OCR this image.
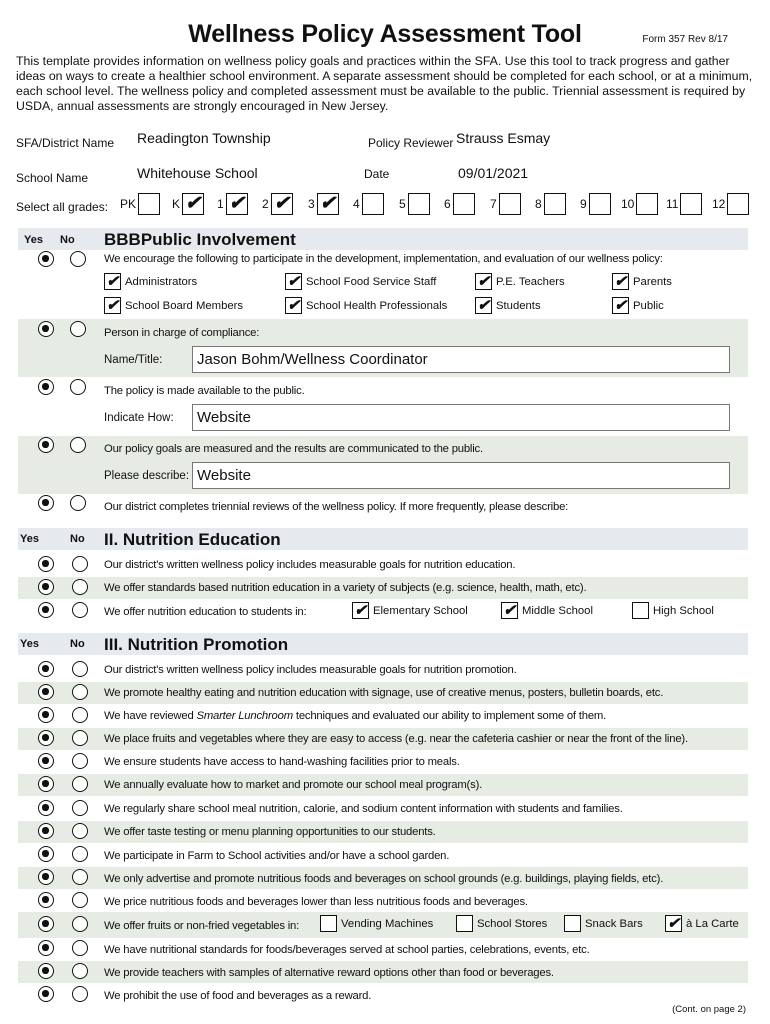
Wellness Policy Assessment Tool	Form 357 Rev 8/17
This template provides information on wellness policy goals and practices within the SFA. Use this tool to track progress and gather ideas on ways to create a healthier school environment. A separate assessment should be completed for each school, or at a minimum, each school level. The wellness policy and completed assessment must be available to the public. Triennial assessment is required by USDA, annual assessments are strongly encouraged in New Jersey.
SFA/District Name Readington Township	Policy Reviewer Strauss Esmay
School Name	Whitehouse School	Date	09/01/2021
Select all grades: PK	K ✔ 1 ✔ 2 ✔ 3 ✔ 4	5	6	7	8	9	10	11	12
Yes No BBBPublic Involvement
We encourage the following to participate in the development, implementation, and evaluation of our wellness policy:
✔ Administrators	✔ School Food Service Staff	✔ P.E. Teachers	✔ Parents
✔ School Board Members	✔ School Health Professionals ✔ Students	✔ Public
Person in charge of compliance:
Name/Title:	Jason Bohm/Wellness Coordinator
The policy is made available to the public.
Indicate How:	Website
Our policy goals are measured and the results are communicated to the public.
Please describe: Website
Our district completes triennial reviews of the wellness policy. If more frequently, please describe:
Yes	No II. Nutrition Education
Our district's written wellness policy includes measurable goals for nutrition education.
We offer standards based nutrition education in a variety of subjects (e.g. science, health, math, etc).
We offer nutrition education to students in:	✔ Elementary School ✔ Middle School	High School
Yes	No III. Nutrition Promotion
Our district's written wellness policy includes measurable goals for nutrition promotion.
We promote healthy eating and nutrition education with signage, use of creative menus, posters, bulletin boards, etc.
We have reviewed Smarter Lunchroom techniques and evaluated our ability to implement some of them.
We place fruits and vegetables where they are easy to access (e.g. near the cafeteria cashier or near the front of the line).
We ensure students have access to hand-washing facilities prior to meals.
We annually evaluate how to market and promote our school meal program(s).
We regularly share school meal nutrition, calorie, and sodium content information with students and families.
We offer taste testing or menu planning opportunities to our students.
We participate in Farm to School activities and/or have a school garden.
We only advertise and promote nutritious foods and beverages on school grounds (e.g. buildings, playing fields, etc).
We price nutritious foods and beverages lower than less nutritious foods and beverages.
We offer fruits or non-fried vegetables in:	Vending Machines	School Stores	Snack Bars ✔ à La Carte
We have nutritional standards for foods/beverages served at school parties, celebrations, events, etc.
We provide teachers with samples of alternative reward options other than food or beverages.
We prohibit the use of food and beverages as a reward.
(Cont. on page 2)
